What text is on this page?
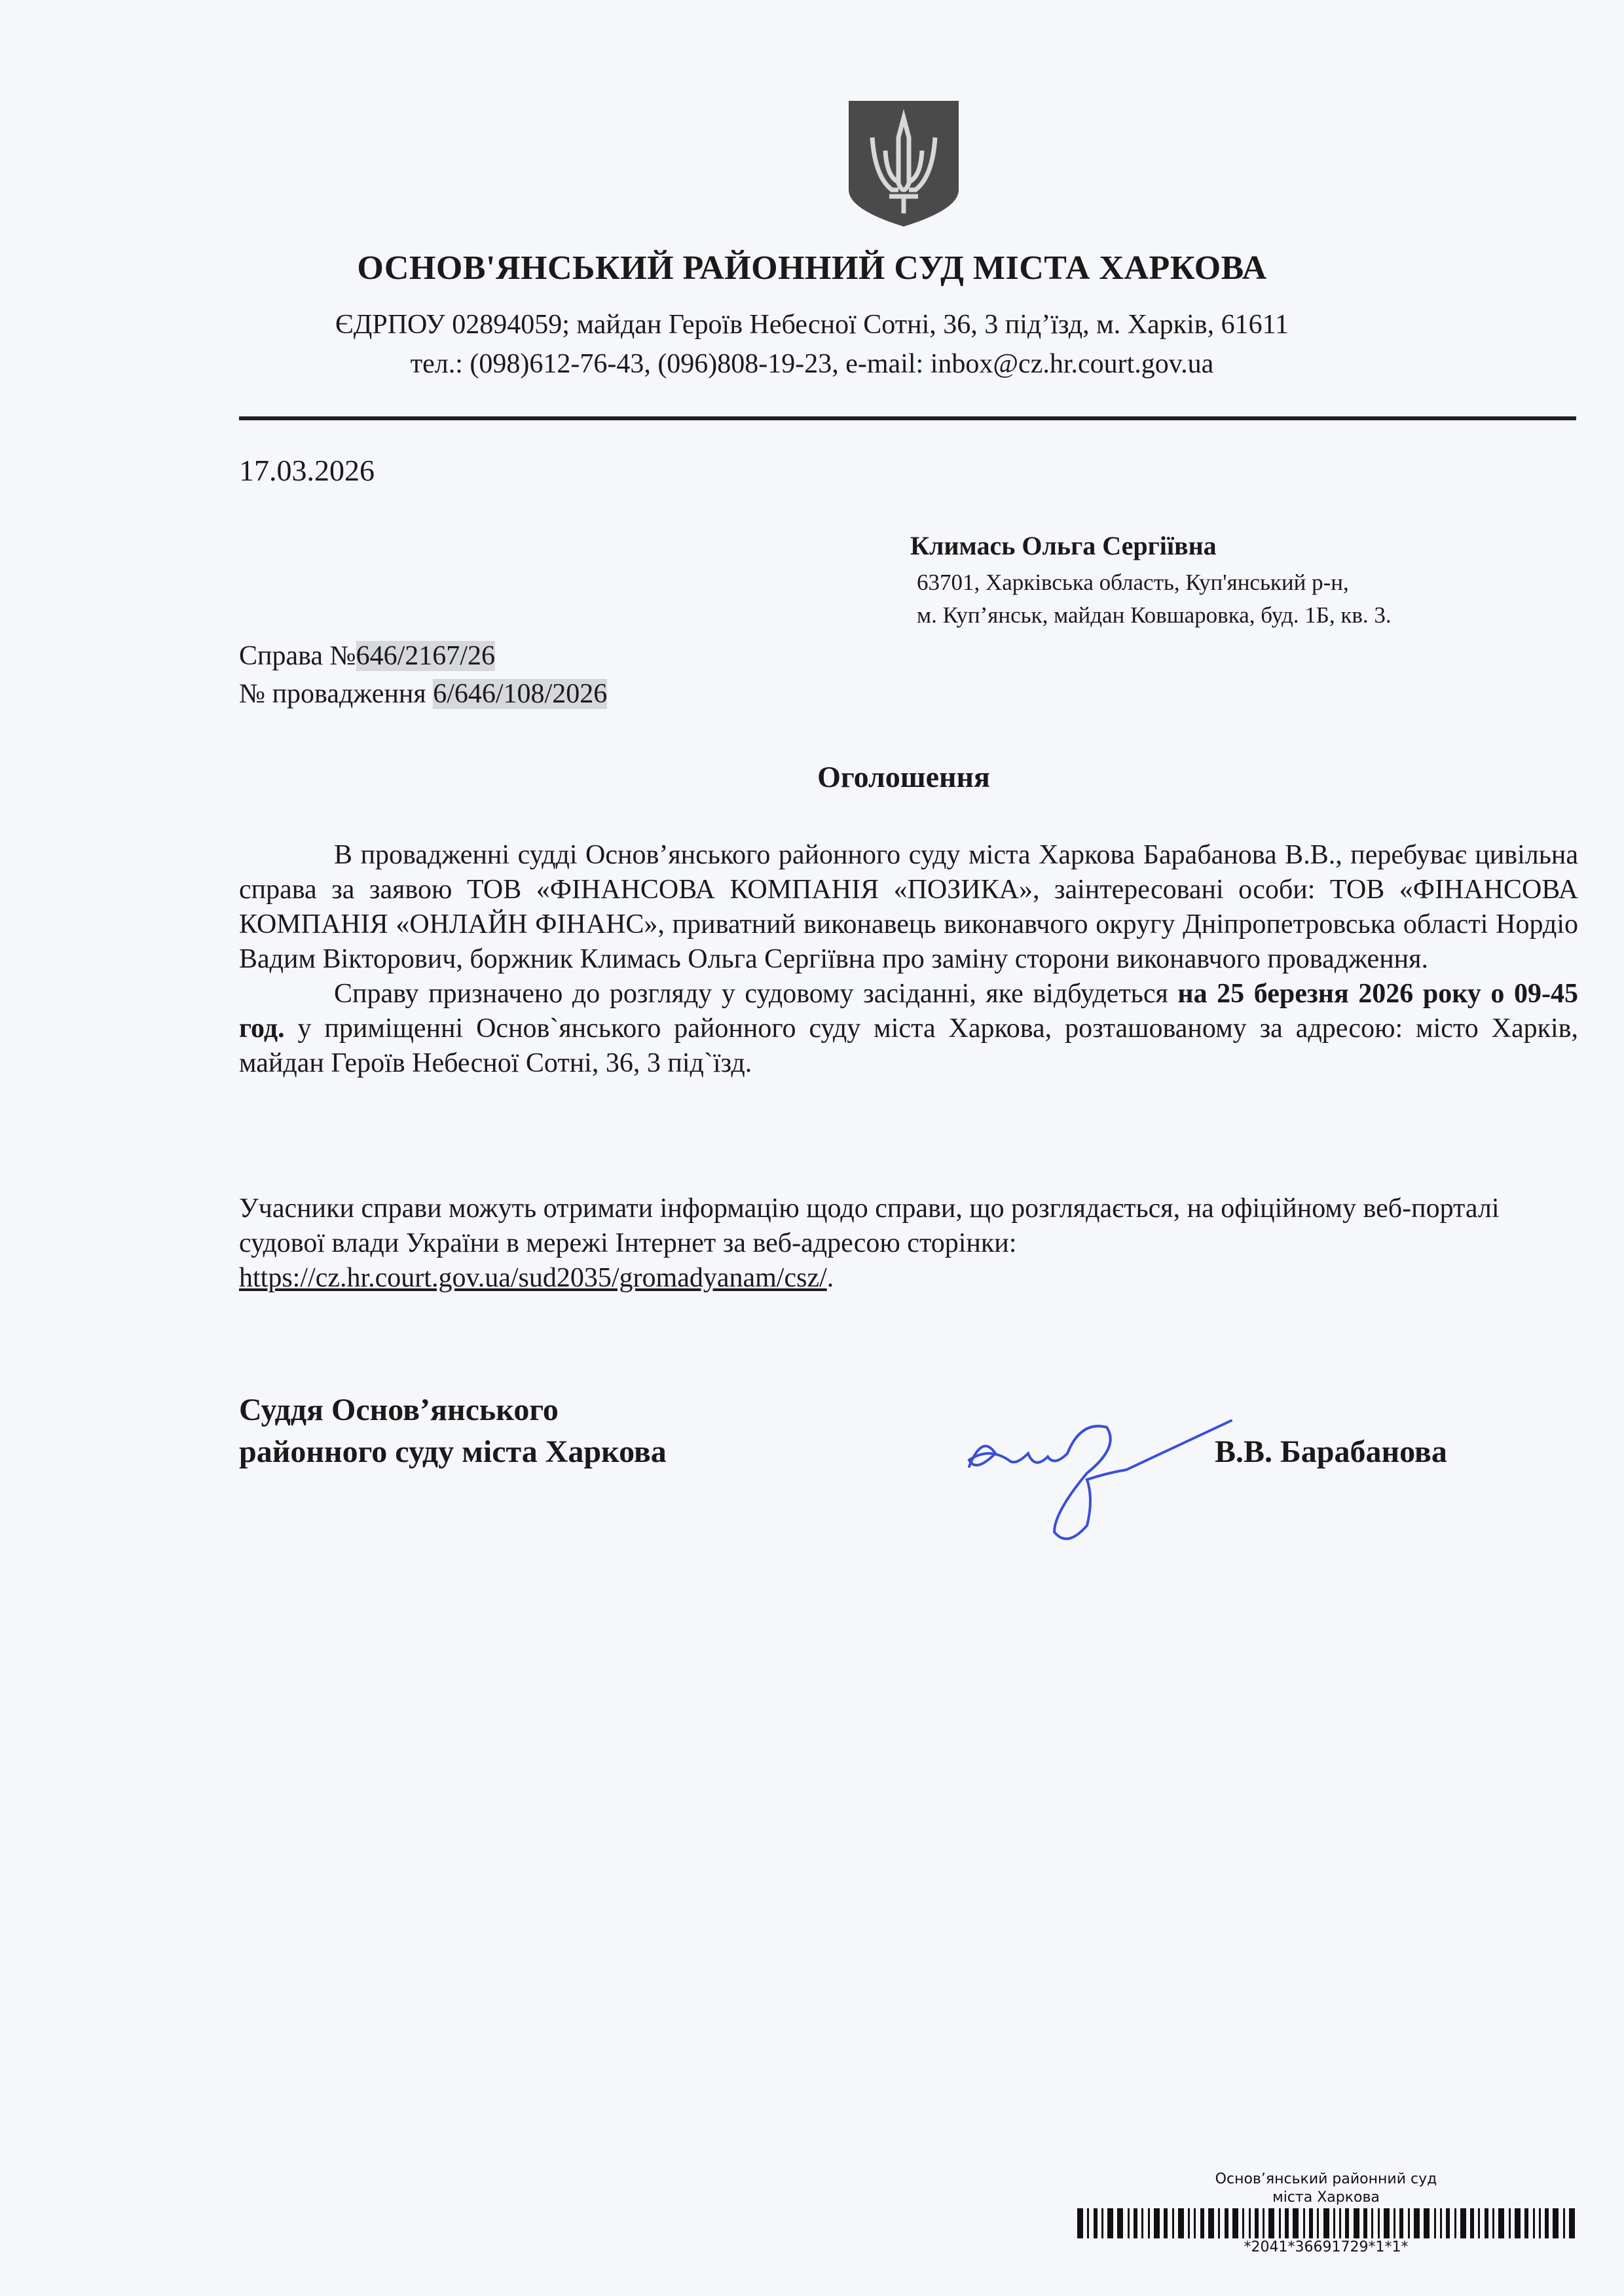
ОСНОВ'ЯНСЬКИЙ РАЙОННИЙ СУД МІСТА ХАРКОВА
ЄДРПОУ 02894059; майдан Героїв Небесної Сотні, 36, 3 під’їзд, м. Харків, 61611
тел.: (098)612-76-43, (096)808-19-23, e-mail: inbox@cz.hr.court.gov.ua
17.03.2026
Климась Ольга Сергіївна
63701, Харківська область, Куп'янський р-н,
м. Куп’янськ, майдан Ковшаровка, буд. 1Б, кв. 3.
Справа №646/2167/26
№ провадження 6/646/108/2026
Оголошення

В провадженні судді Основ’янського районного суду міста Харкова Барабанова В.В., перебуває цивільна справа за заявою ТОВ «ФІНАНСОВА КОМПАНІЯ «ПОЗИКА», заінтересовані особи: ТОВ «ФІНАНСОВА КОМПАНІЯ «ОНЛАЙН ФІНАНС», приватний виконавець виконавчого округу Дніпропетровська області Нордіо Вадим Вікторович, боржник Климась Ольга Сергіївна про заміну сторони виконавчого провадження.

Справу призначено до розгляду у судовому засіданні, яке відбудеться на 25 березня 2026 року о 09-45 год. у приміщенні Основ`янського районного суду міста Харкова, розташованому за адресою: місто Харків, майдан Героїв Небесної Сотні, 36, 3 під`їзд.

Учасники справи можуть отримати інформацію щодо справи, що розглядається, на офіційному веб-порталі судової влади України в мережі Інтернет за веб-адресою сторінки:
https://cz.hr.court.gov.ua/sud2035/gromadyanam/csz/.
Суддя Основ’янського
районного суду міста Харкова	В.В. Барабанова
Основ’янський районний суд
міста Харкова
*2041*36691729*1*1*
